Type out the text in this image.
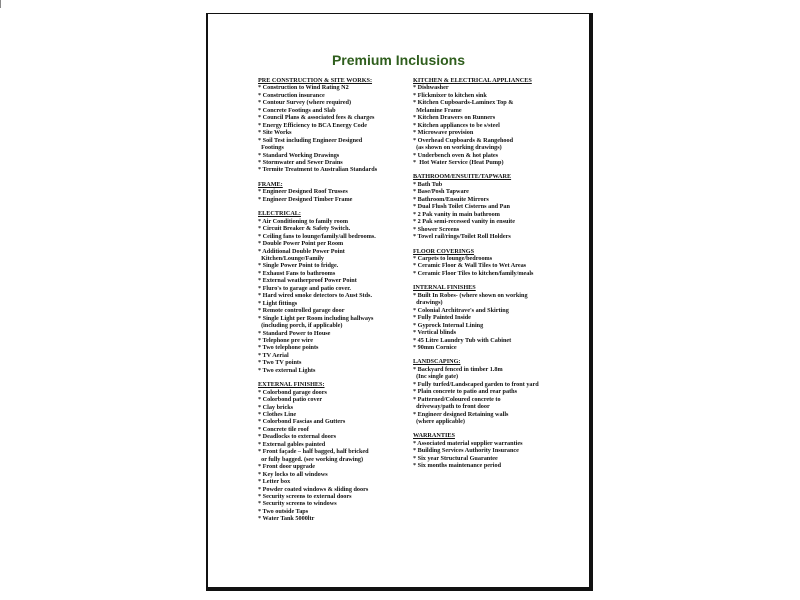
Premium Inclusions
PRE CONSTRUCTION & SITE WORKS:
* Construction to Wind Rating N2
* Construction insurance
* Contour Survey (where required)
* Concrete Footings and Slab
* Council Plans & associated fees & charges
* Energy Efficiency to BCA Energy Code
* Site Works
* Soil Test including Engineer Designed
Footings
* Standard Working Drawings
* Stormwater and Sewer Drains
* Termite Treatment to Australian Standards
FRAME:
* Engineer Designed Roof Trusses
* Engineer Designed Timber Frame
ELECTRICAL:
* Air Conditioning to family room
* Circuit Breaker & Safety Switch.
* Ceiling fans to lounge/family/all bedrooms.
* Double Power Point per Room
* Additional Double Power Point
Kitchen/Lounge/Family
* Single Power Point to fridge.
* Exhaust Fans to bathrooms
* External weatherproof Power Point
* Fluro's to garage and patio cover.
* Hard wired smoke detectors to Aust Stds.
* Light fittings
* Remote controlled garage door
* Single Light per Room including hallways
(including porch, if applicable)
* Standard Power to House
* Telephone pre wire
* Two telephone points
* TV Aerial
* Two TV points
* Two external Lights
EXTERNAL FINISHES:
* Colorbond garage doors
* Colorbond patio cover
* Clay bricks
* Clothes Line
* Colorbond Fascias and Gutters
* Concrete tile roof
* Deadlocks to external doors
* External gables painted
* Front façade – half bagged, half bricked
or fully bagged. (see working drawing)
* Front door upgrade
* Key locks to all windows
* Letter box
* Powder coated windows & sliding doors
* Security screens to external doors
* Security screens to windows
* Two outside Taps
* Water Tank 5000ltr
KITCHEN & ELECTRICAL APPLIANCES
* Dishwasher
* Flickmixer to kitchen sink
* Kitchen Cupboards-Laminex Top &
Melamine Frame
* Kitchen Drawers on Runners
* Kitchen appliances to be s/steel
* Microwave provision
* Overhead Cupboards & Rangehood
(as shown on working drawings)
* Underbench oven & hot plates
*  Hot Water Service (Heat Pump)
BATHROOM/ENSUITE/TAPWARE
* Bath Tub
* Base/Posh Tapware
* Bathroom/Ensuite Mirrors
* Dual Flush Toilet Cisterns and Pan
* 2 Pak vanity in main bathroom
* 2 Pak semi-recessed vanity in ensuite
* Shower Screens
* Towel rail/rings/Toilet Roll Holders
FLOOR COVERINGS
* Carpets to lounge/bedrooms
* Ceramic Floor & Wall Tiles to Wet Areas
* Ceramic Floor Tiles to kitchen/family/meals
INTERNAL FINISHES
* Built In Robes- (where shown on working
drawings)
* Colonial Architrave's and Skirting
* Fully Painted Inside
* Gyprock Internal Lining
* Vertical blinds
* 45 Litre Laundry Tub with Cabinet
* 90mm Cornice
LANDSCAPING:
* Backyard fenced in timber 1.8m
(Inc single gate)
* Fully turfed/Landscaped garden to front yard
* Plain concrete to patio and rear paths
* Patterned/Coloured concrete to
driveway/path to front door
* Engineer designed Retaining walls
(where applicable)
WARRANTIES
* Associated material supplier warranties
* Building Services Authority Insurance
* Six year Structural Guarantee
* Six months maintenance period
